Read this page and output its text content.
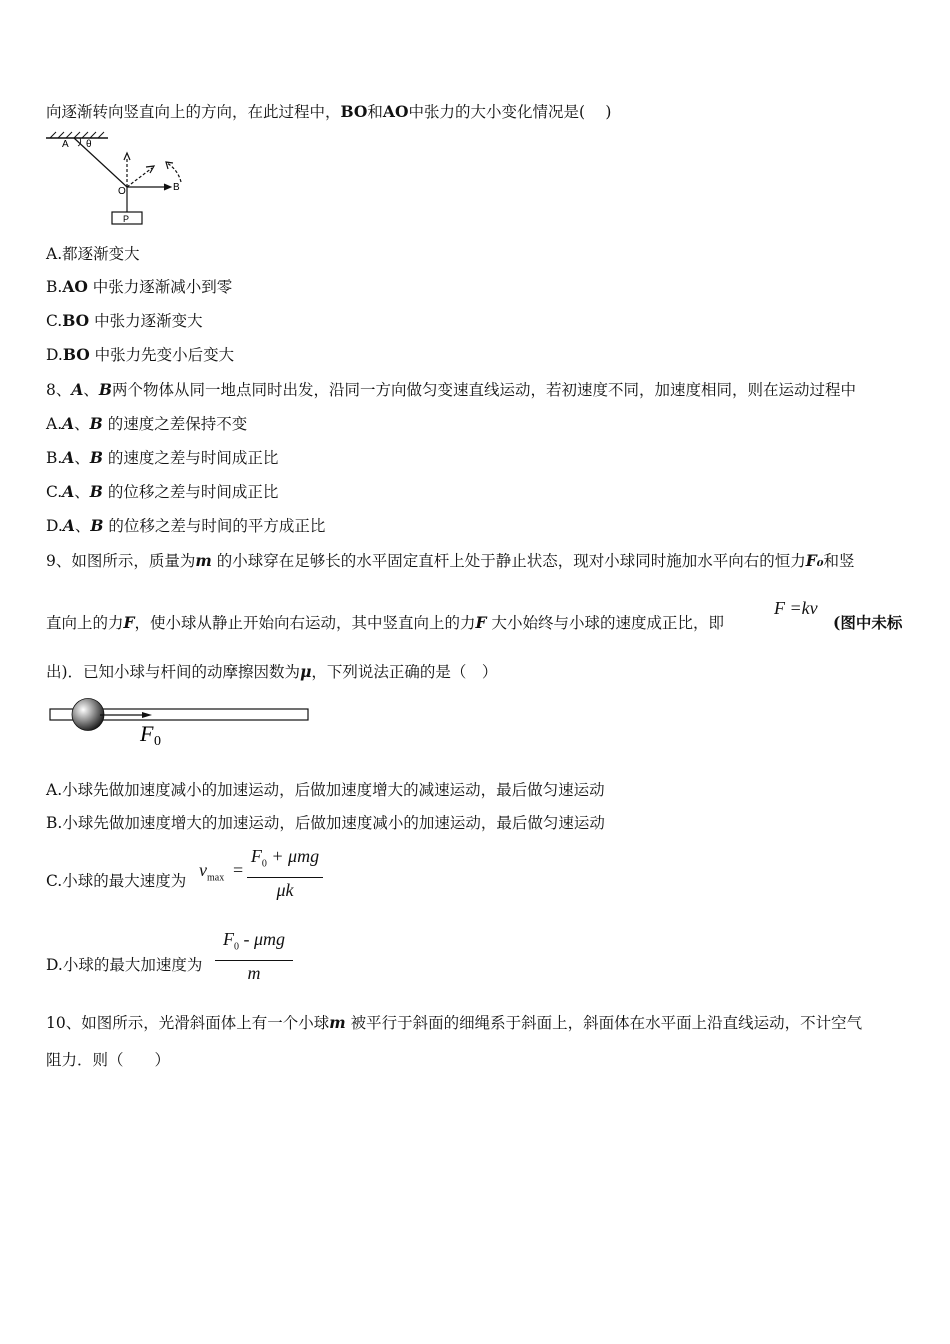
向逐渐转向竖直向上的方向，在此过程中，BO和AO中张力的大小变化情况是(　 )
A θ
B
O
P
A.都逐渐变大
B.AO 中张力逐渐减小到零
C.BO 中张力逐渐变大
D.BO 中张力先变小后变大
8、A、B两个物体从同一地点同时出发，沿同一方向做匀变速直线运动，若初速度不同，加速度相同，则在运动过程中
A.A、B 的速度之差保持不变
B.A、B 的速度之差与时间成正比
C.A、B 的位移之差与时间成正比
D.A、B 的位移之差与时间的平方成正比
9、如图所示，质量为m 的小球穿在足够长的水平固定直杆上处于静止状态，现对小球同时施加水平向右的恒力F₀和竖
直向上的力F，使小球从静止开始向右运动，其中竖直向上的力F 大小始终与小球的速度成正比，即
F =kv
(图中未标
出)．已知小球与杆间的动摩擦因数为μ，下列说法正确的是（　）
F 0
A.小球先做加速度减小的加速运动，后做加速度增大的减速运动，最后做匀速运动
B.小球先做加速度增大的加速运动，后做加速度减小的加速运动，最后做匀速运动
C.小球的最大速度为
$v_{max}$ =
$F_0 + \mu mg$
μk
D.小球的最大加速度为
$F_0$ - μmg
m
10、如图所示，光滑斜面体上有一个小球m 被平行于斜面的细绳系于斜面上，斜面体在水平面上沿直线运动，不计空气
阻力．则（　　）
